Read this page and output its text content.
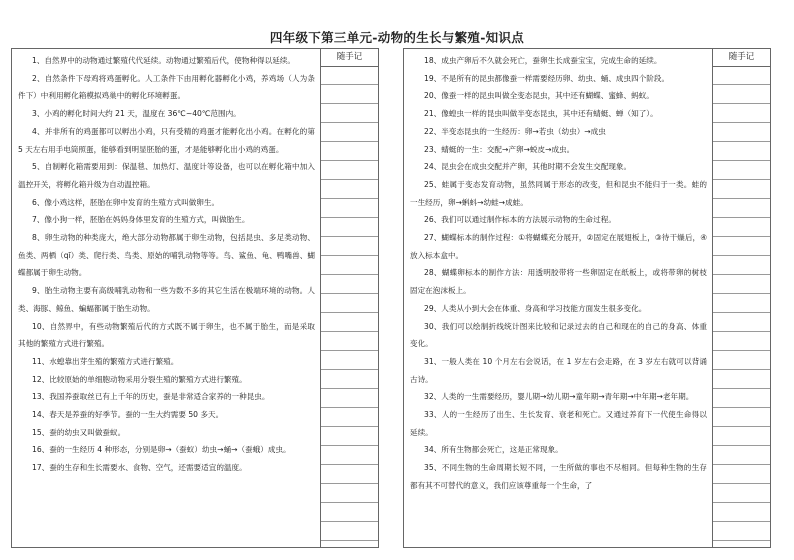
四年级下第三单元-动物的生长与繁殖-知识点

1、自然界中的动物通过繁殖代代延续。动物通过繁殖后代，使物种得以延续。

2、自然条件下母鸡将鸡蛋孵化。人工条件下由用孵化器孵化小鸡，养鸡场（人为条件下）中利用孵化箱模拟鸡巢中的孵化环境孵蛋。

3、小鸡的孵化时间大约 21 天，温度在 36℃~40℃范围内。

4、并非所有的鸡蛋都可以孵出小鸡，只有受精的鸡蛋才能孵化出小鸡。在孵化的第 5 天左右用手电筒照蛋，能够看到明显胚胎的蛋，才是能够孵化出小鸡的鸡蛋。

5、自制孵化箱需要用到：保温毯、加热灯、温度计等设备，也可以在孵化箱中加入温控开关，将孵化箱升级为自动温控箱。

6、像小鸡这样，胚胎在卵中发育的生殖方式叫做卵生。

7、像小狗一样，胚胎在妈妈身体里发育的生殖方式，叫做胎生。

8、卵生动物的种类庞大，绝大部分动物都属于卵生动物，包括昆虫、多足类动物、鱼类、两栖（qī）类、爬行类、鸟类、原始的哺乳动物等等。鸟、鲨鱼、龟、鸭嘴兽、蝴蝶都属于卵生动物。

9、胎生动物主要有高级哺乳动物和一些为数不多的其它生活在极端环境的动物。人类、海豚、鲸鱼、蝙蝠都属于胎生动物。

10、自然界中，有些动物繁殖后代的方式既不属于卵生，也不属于胎生，而是采取其他的繁殖方式进行繁殖。

11、水螅靠出芽生殖的繁殖方式进行繁殖。

12、比较原始的单细胞动物采用分裂生殖的繁殖方式进行繁殖。

13、我国养蚕取丝已有上千年的历史，蚕是非常适合家养的一种昆虫。

14、春天是养蚕的好季节。蚕的一生大约需要 50 多天。

15、蚕的幼虫又叫做蚕蚁。

16、蚕的一生经历 4 种形态，分别是卵→（蚕蚁）幼虫→蛹→（蚕蛾）成虫。

17、蚕的生存和生长需要水、食物、空气，还需要适宜的温度。

随手记	18、成虫产卵后不久就会死亡，蚕卵生长成蚕宝宝，完成生命的延续。

19、不是所有的昆虫都像蚕一样需要经历卵、幼虫、蛹、成虫四个阶段。

20、像蚕一样的昆虫叫做全变态昆虫，其中还有蝴蝶、蜜蜂、蚂蚁。

21、像蝗虫一样的昆虫叫做半变态昆虫，其中还有蜻蜓、蝉（知了）。

22、半变态昆虫的一生经历：卵→若虫（幼虫）→成虫

23、蜻蜓的一生：交配→产卵→蜕皮→成虫。

24、昆虫会在成虫交配并产卵，其他时期不会发生交配现象。

25、蛙属于变态发育动物，虽然同属于形态的改变，但和昆虫不能归于一类。蛙的一生经历，卵→蝌蚪→幼蛙→成蛙。

26、我们可以通过制作标本的方法展示动物的生命过程。

27、蝴蝶标本的制作过程：①将蝴蝶充分展开，②固定在展翅板上，③待干燥后，④放入标本盒中。

28、蝴蝶卵标本的制作方法：用透明胶带将一些卵固定在纸板上，或将带卵的树枝固定在泡沫板上。

29、人类从小到大会在体重、身高和学习技能方面发生很多变化。

30、我们可以绘制折线统计图来比较和记录过去的自己和现在的自己的身高、体重变化。

31、一般人类在 10 个月左右会说话，在 1 岁左右会走路，在 3 岁左右就可以背诵古诗。

32、人类的一生需要经历，婴儿期→幼儿期→童年期→青年期→中年期→老年期。

33、人的一生经历了出生、生长发育、衰老和死亡。又通过养育下一代使生命得以延续。

34、所有生物都会死亡，这是正常现象。

35、不同生物的生命周期长短不同，一生所做的事也不尽相同。但每种生物的生存都有其不可替代的意义，我们应该尊重每一个生命，了

随手记
